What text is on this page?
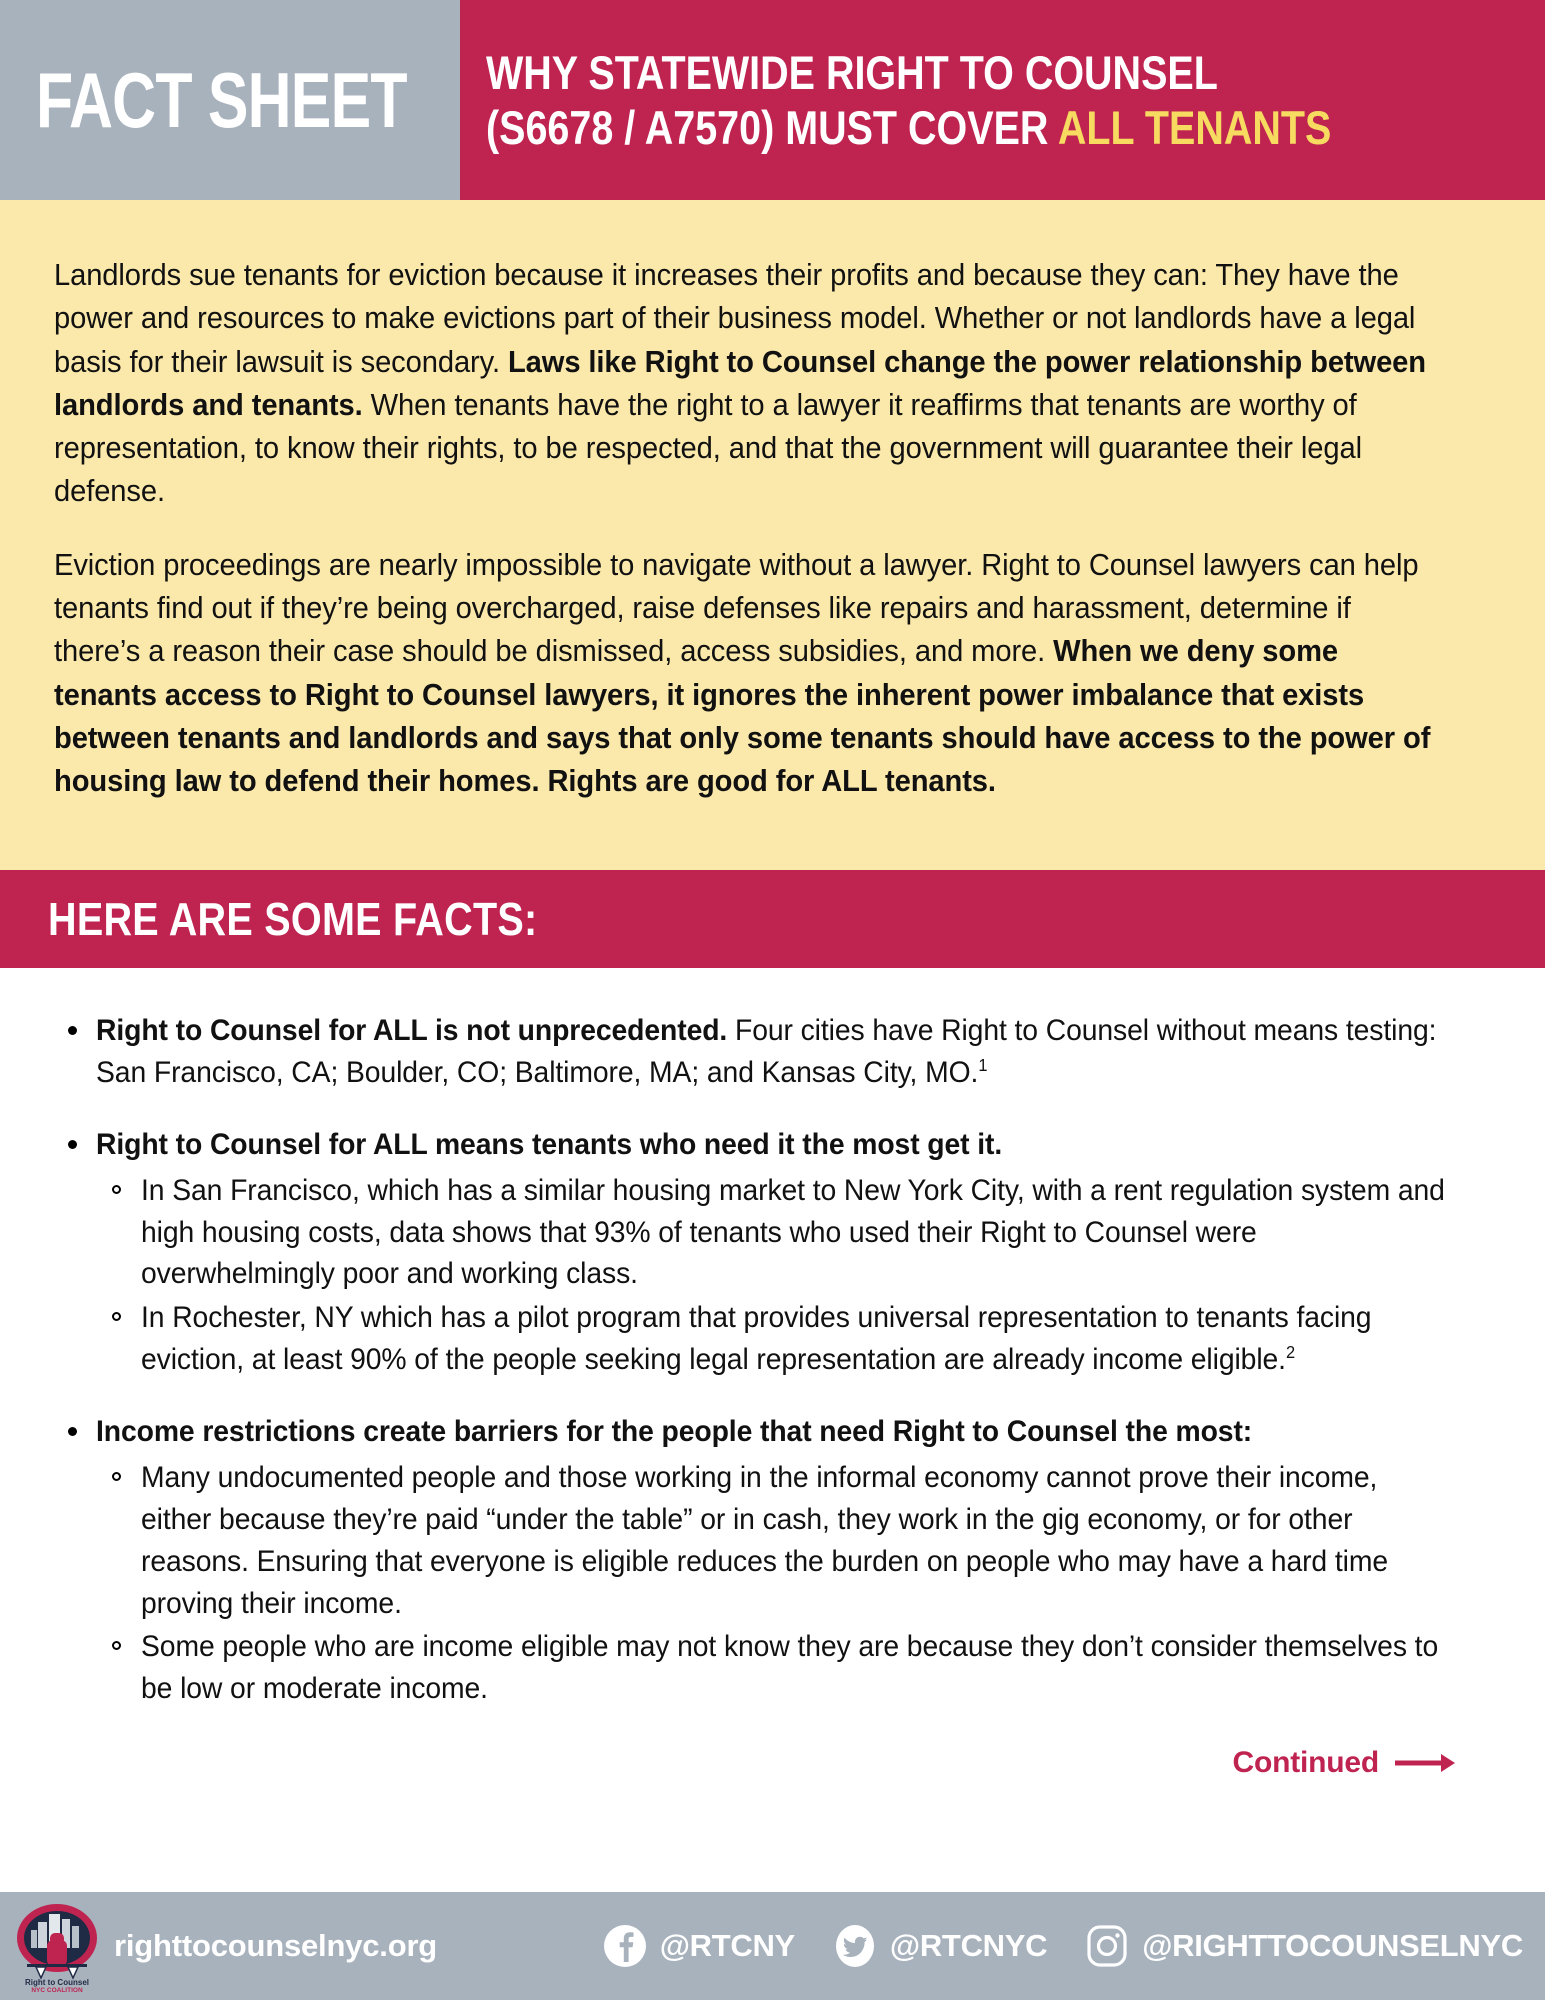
FACT SHEET WHY STATEWIDE RIGHT TO COUNSEL
(S6678 / A7570) MUST COVER ALL TENANTS

Landlords sue tenants for eviction because it increases their profits and because they can: They have the power and resources to make evictions part of their business model. Whether or not landlords have a legal basis for their lawsuit is secondary. Laws like Right to Counsel change the power relationship between landlords and tenants. When tenants have the right to a lawyer it reaffirms that tenants are worthy of representation, to know their rights, to be respected, and that the government will guarantee their legal defense.

Eviction proceedings are nearly impossible to navigate without a lawyer. Right to Counsel lawyers can help tenants find out if they’re being overcharged, raise defenses like repairs and harassment, determine if there’s a reason their case should be dismissed, access subsidies, and more. When we deny some tenants access to Right to Counsel lawyers, it ignores the inherent power imbalance that exists between tenants and landlords and says that only some tenants should have access to the power of housing law to defend their homes. Rights are good for ALL tenants.

HERE ARE SOME FACTS:
Right to Counsel for ALL is not unprecedented. Four cities have Right to Counsel without means testing: San Francisco, CA; Boulder, CO; Baltimore, MA; and Kansas City, MO.$^1$
Right to Counsel for ALL means tenants who need it the most get it.
In San Francisco, which has a similar housing market to New York City, with a rent regulation system and high housing costs, data shows that 93% of tenants who used their Right to Counsel were overwhelmingly poor and working class.
In Rochester, NY which has a pilot program that provides universal representation to tenants facing eviction, at least 90% of the people seeking legal representation are already income eligible.$^2$
Income restrictions create barriers for the people that need Right to Counsel the most:
Many undocumented people and those working in the informal economy cannot prove their income, either because they’re paid “under the table” or in cash, they work in the gig economy, or for other reasons. Ensuring that everyone is eligible reduces the burden on people who may have a hard time proving their income.
Some people who are income eligible may not know they are because they don’t consider themselves to be low or moderate income.
Continued
Right to Counsel
NYC COALITION
righttocounselnyc.org	@RTCNY	@RTCNYC	@RIGHTTOCOUNSELNYC
